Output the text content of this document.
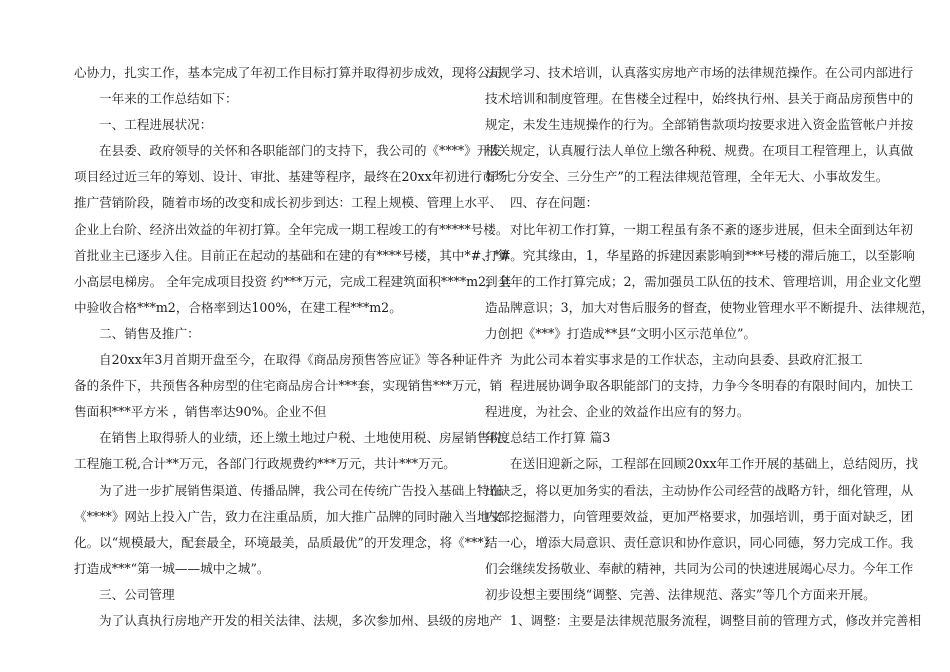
心协力，扎实工作，基本完成了年初工作目标打算并取得初步成效，现将公司
一年来的工作总结如下：
一、工程进展状况：
在县委、政府领导的关怀和各职能部门的支持下，我公司的《****》开发
项目经过近三年的筹划、设计、审批、基建等程序，最终在20xx年初进行市场
推广营销阶段，随着市场的改变和成长初步到达：工程上规模、管理上水平、
企业上台阶、经济出效益的年初打算。全年完成一期工程竣工的有*****号楼。
首批业主已逐步入住。目前正在起动的基础和在建的有****号楼，其中*#、*#
小高层电梯房。 全年完成项目投资 约***万元，完成工程建筑面积****m2，其
中验收合格***m2，合格率到达100%，在建工程***m2。
二、销售及推广：
自20xx年3月首期开盘至今，在取得《商品房预售答应证》等各种证件齐
备的条件下，共预售各种房型的住宅商品房合计***套，实现销售***万元，销
售面积***平方米 ，销售率达90%。企业不但
在销售上取得骄人的业绩，还上缴土地过户税、土地使用税、房屋销售税、
工程施工税,合计**万元，各部门行政规费约***万元，共计***万元。
为了进一步扩展销售渠道、传播品牌，我公司在传统广告投入基础上特在
《****》网站上投入广告，致力在注重品质，加大推广品牌的同时融入当地文
化。以“规模最大，配套最全，环境最美，品质最优”的开发理念，将《***》
打造成***“第一城——城中之城”。
三、公司管理
为了认真执行房地产开发的相关法律、法规，多次参加州、县级的房地产
法规学习、技术培训，认真落实房地产市场的法律规范操作。在公司内部进行
技术培训和制度管理。在售楼全过程中，始终执行州、县关于商品房预售中的
规定，未发生违规操作的行为。全部销售款项均按要求进入资金监管帐户并按
相关规定，认真履行法人单位上缴各种税、规费。在项目工程管理上，认真做
好“七分安全、三分生产”的工程法律规范管理，全年无大、小事故发生。
四、存在问题：
对比年初工作打算，一期工程虽有条不紊的逐步进展，但未全面到达年初
打算。究其缘由，1，华星路的拆建因素影响到***号楼的滞后施工，以至影响
到全年的工作打算完成；2，需加强员工队伍的技术、管理培训，用企业文化塑
造品牌意识；3，加大对售后服务的督查，使物业管理水平不断提升、法律规范，
力创把《***》打造成**县“文明小区示范单位”。
为此公司本着实事求是的工作状态，主动向县委、县政府汇报工
程进展协调争取各职能部门的支持，力争今冬明春的有限时间内，加快工
程进度，为社会、企业的效益作出应有的努力。
年度总结工作打算 篇3
在送旧迎新之际，工程部在回顾20xx年工作开展的基础上，总结阅历，找
出缺乏，将以更加务实的看法，主动协作公司经营的战略方针，细化管理，从
内部挖掘潜力，向管理要效益，更加严格要求，加强培训，勇于面对缺乏，团
结一心，增添大局意识、责任意识和协作意识，同心同德，努力完成工作。我
们会继续发扬敬业、奉献的精神，共同为公司的快速进展竭心尽力。今年工作
初步设想主要围绕“调整、完善、法律规范、落实”等几个方面来开展。
1、调整：主要是法律规范服务流程，调整目前的管理方式，修改并完善相
